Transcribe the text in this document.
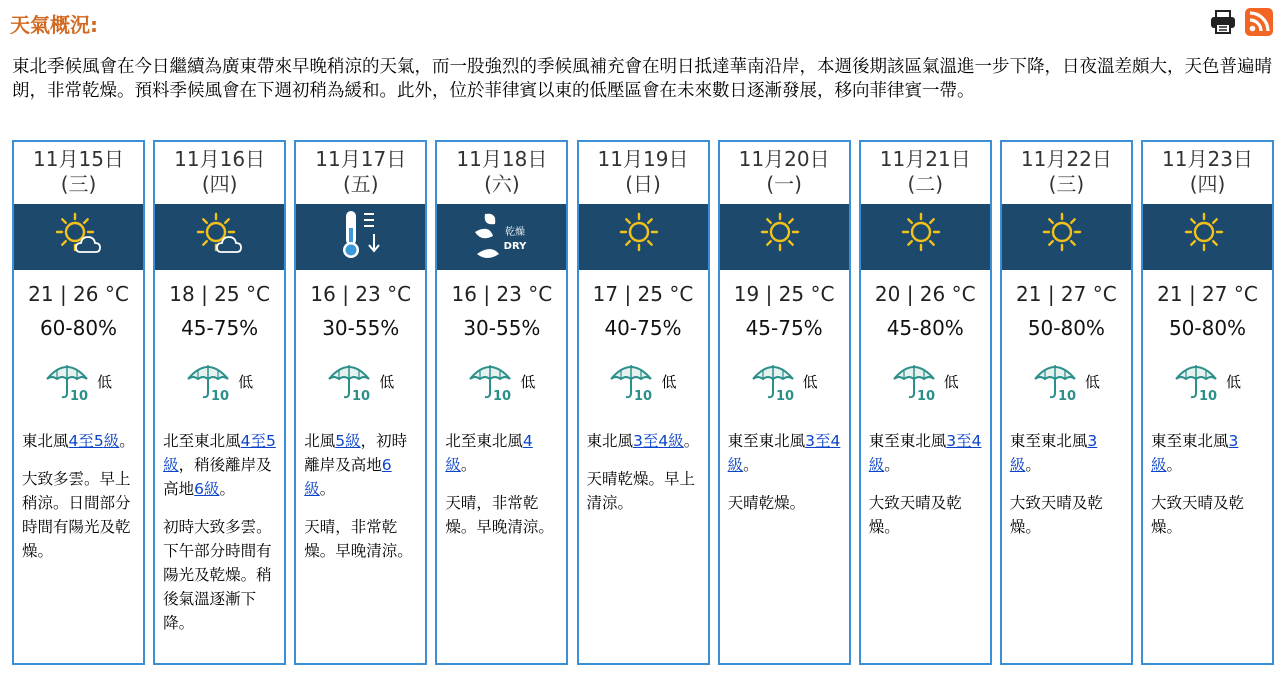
天氣概況:
東北季候風會在今日繼續為廣東帶來早晚稍涼的天氣，而一股強烈的季候風補充會在明日抵達華南沿岸，本週後期該區氣溫進一步下降，日夜溫差頗大，天色普遍晴朗，非常乾燥。預料季候風會在下週初稍為緩和。此外，位於菲律賓以東的低壓區會在未來數日逐漸發展，移向菲律賓一帶。
11月15日
(三)
21 | 26 °C
60-80%
10
低
東北風4至5級。
大致多雲。早上稍涼。日間部分時間有陽光及乾燥。
11月16日
(四)
18 | 25 °C
45-75%
10
低
北至東北風4至5級，稍後離岸及高地6級。
初時大致多雲。下午部分時間有陽光及乾燥。稍後氣溫逐漸下降。
11月17日
(五)
16 | 23 °C
30-55%
10
低
北風5級，初時離岸及高地6級。
天晴，非常乾燥。早晚清涼。
11月18日
(六)
乾燥
DRY
16 | 23 °C
30-55%
10
低
北至東北風4級。
天晴，非常乾燥。早晚清涼。
11月19日
(日)
17 | 25 °C
40-75%
10
低
東北風3至4級。
天晴乾燥。早上清涼。
11月20日
(一)
19 | 25 °C
45-75%
10
低
東至東北風3至4級。
天晴乾燥。
11月21日
(二)
20 | 26 °C
45-80%
10
低
東至東北風3至4級。
大致天晴及乾燥。
11月22日
(三)
21 | 27 °C
50-80%
10
低
東至東北風3級。
大致天晴及乾燥。
11月23日
(四)
21 | 27 °C
50-80%
10
低
東至東北風3級。
大致天晴及乾燥。
